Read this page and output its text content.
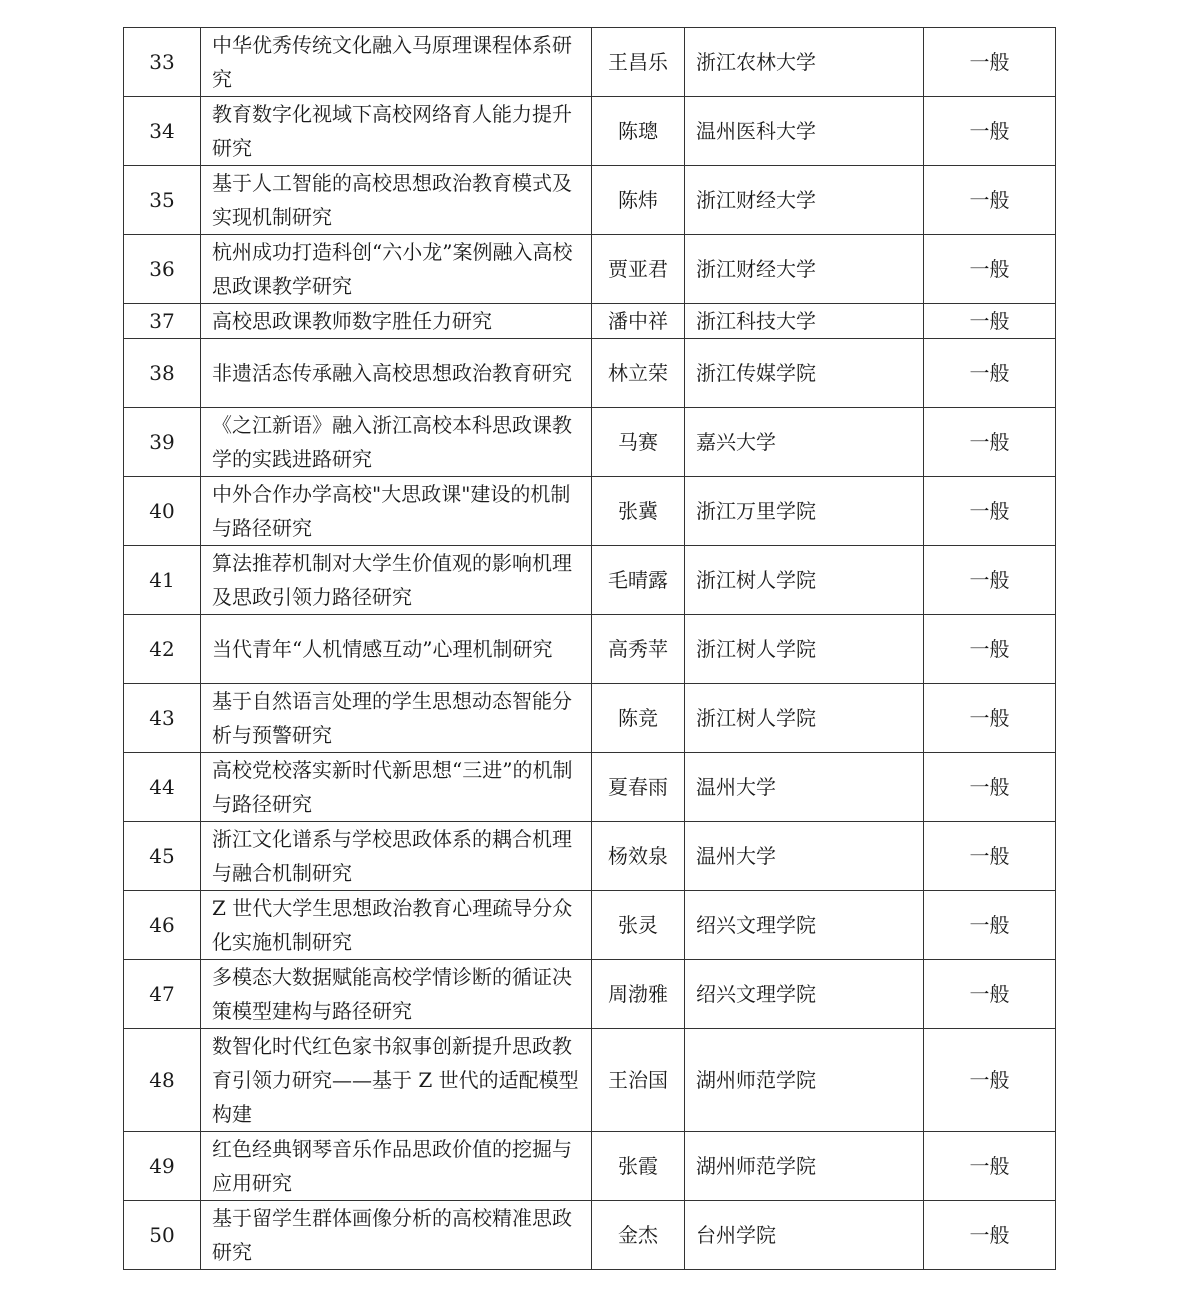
33	中华优秀传统文化融入马原理课程体系研究	王昌乐	浙江农林大学	一般
34	教育数字化视域下高校网络育人能力提升研究	陈璁	温州医科大学	一般
35	基于人工智能的高校思想政治教育模式及实现机制研究	陈炜	浙江财经大学	一般
36	杭州成功打造科创“六小龙”案例融入高校思政课教学研究	贾亚君	浙江财经大学	一般
37	高校思政课教师数字胜任力研究	潘中祥	浙江科技大学	一般
38	非遗活态传承融入高校思想政治教育研究	林立荣	浙江传媒学院	一般
39	《之江新语》融入浙江高校本科思政课教学的实践进路研究	马赛	嘉兴大学	一般
40	中外合作办学高校"大思政课"建设的机制与路径研究	张冀	浙江万里学院	一般
41	算法推荐机制对大学生价值观的影响机理及思政引领力路径研究	毛晴露	浙江树人学院	一般
42	当代青年“人机情感互动”心理机制研究	高秀苹	浙江树人学院	一般
43	基于自然语言处理的学生思想动态智能分析与预警研究	陈竞	浙江树人学院	一般
44	高校党校落实新时代新思想“三进”的机制与路径研究	夏春雨	温州大学	一般
45	浙江文化谱系与学校思政体系的耦合机理与融合机制研究	杨效泉	温州大学	一般
46	Z 世代大学生思想政治教育心理疏导分众化实施机制研究	张灵	绍兴文理学院	一般
47	多模态大数据赋能高校学情诊断的循证决策模型建构与路径研究	周渤雅	绍兴文理学院	一般
48	数智化时代红色家书叙事创新提升思政教育引领力研究——基于 Z 世代的适配模型构建	王治国	湖州师范学院	一般
49	红色经典钢琴音乐作品思政价值的挖掘与应用研究	张霞	湖州师范学院	一般
50	基于留学生群体画像分析的高校精准思政研究	金杰	台州学院	一般
